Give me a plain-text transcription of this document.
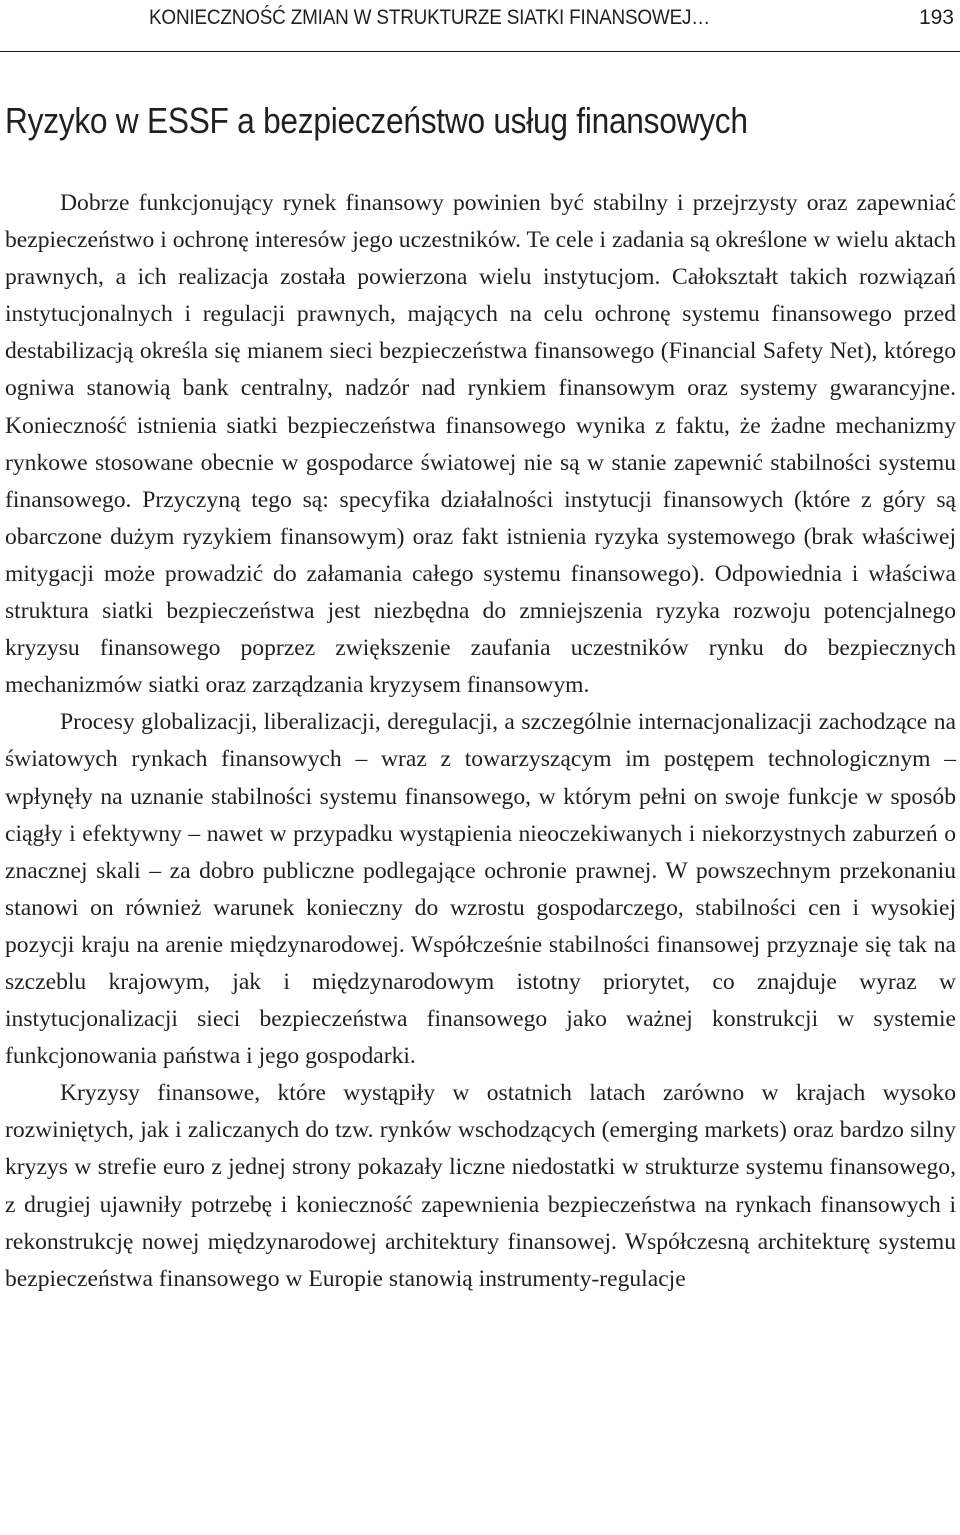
KONIECZNOŚĆ ZMIAN W STRUKTURZE SIATKI FINANSOWEJ…	193
Ryzyko w ESSF a bezpieczeństwo usług finansowych

Dobrze funkcjonujący rynek finansowy powinien być stabilny i przejrzysty oraz zapewniać bezpieczeństwo i ochronę interesów jego uczestników. Te cele i zadania są określone w wielu aktach prawnych, a ich realizacja została powierzona wielu instytucjom. Całokształt takich rozwiązań instytucjonalnych i regulacji prawnych, mających na celu ochronę systemu finansowego przed destabilizacją określa się mianem sieci bezpieczeństwa finansowego (Financial Safety Net), którego ogniwa stanowią bank centralny, nadzór nad rynkiem finansowym oraz systemy gwarancyjne. Konieczność istnienia siatki bezpieczeństwa finansowego wynika z faktu, że żadne mechanizmy rynkowe stosowane obecnie w gospodarce światowej nie są w stanie zapewnić stabilności systemu finansowego. Przyczyną tego są: specyfika działalności instytucji finansowych (które z góry są obarczone dużym ryzykiem finansowym) oraz fakt istnienia ryzyka systemowego (brak właściwej mitygacji może prowadzić do załamania całego systemu finansowego). Odpowiednia i właściwa struktura siatki bezpieczeństwa jest niezbędna do zmniejszenia ryzyka rozwoju potencjalnego kryzysu finansowego poprzez zwiększenie zaufania uczestników rynku do bezpiecznych mechanizmów siatki oraz zarządzania kryzysem finansowym.

Procesy globalizacji, liberalizacji, deregulacji, a szczególnie internacjonalizacji zachodzące na światowych rynkach finansowych – wraz z towarzyszącym im postępem technologicznym – wpłynęły na uznanie stabilności systemu finansowego, w którym pełni on swoje funkcje w sposób ciągły i efektywny – nawet w przypadku wystąpienia nieoczekiwanych i niekorzystnych zaburzeń o znacznej skali – za dobro publiczne podlegające ochronie prawnej. W powszechnym przekonaniu stanowi on również warunek konieczny do wzrostu gospodarczego, stabilności cen i wysokiej pozycji kraju na arenie międzynarodowej. Współcześnie stabilności finansowej przyznaje się tak na szczeblu krajowym, jak i międzynarodowym istotny priorytet, co znajduje wyraz w instytucjonalizacji sieci bezpieczeństwa finansowego jako ważnej konstrukcji w systemie funkcjonowania państwa i jego gospodarki.

Kryzysy finansowe, które wystąpiły w ostatnich latach zarówno w krajach wysoko rozwiniętych, jak i zaliczanych do tzw. rynków wschodzących (emerging markets) oraz bardzo silny kryzys w strefie euro z jednej strony pokazały liczne niedostatki w strukturze systemu finansowego, z drugiej ujawniły potrzebę i konieczność zapewnienia bezpieczeństwa na rynkach finansowych i rekonstrukcję nowej międzynarodowej architektury finansowej. Współczesną architekturę systemu bezpieczeństwa finansowego w Europie stanowią instrumenty-regulacje
